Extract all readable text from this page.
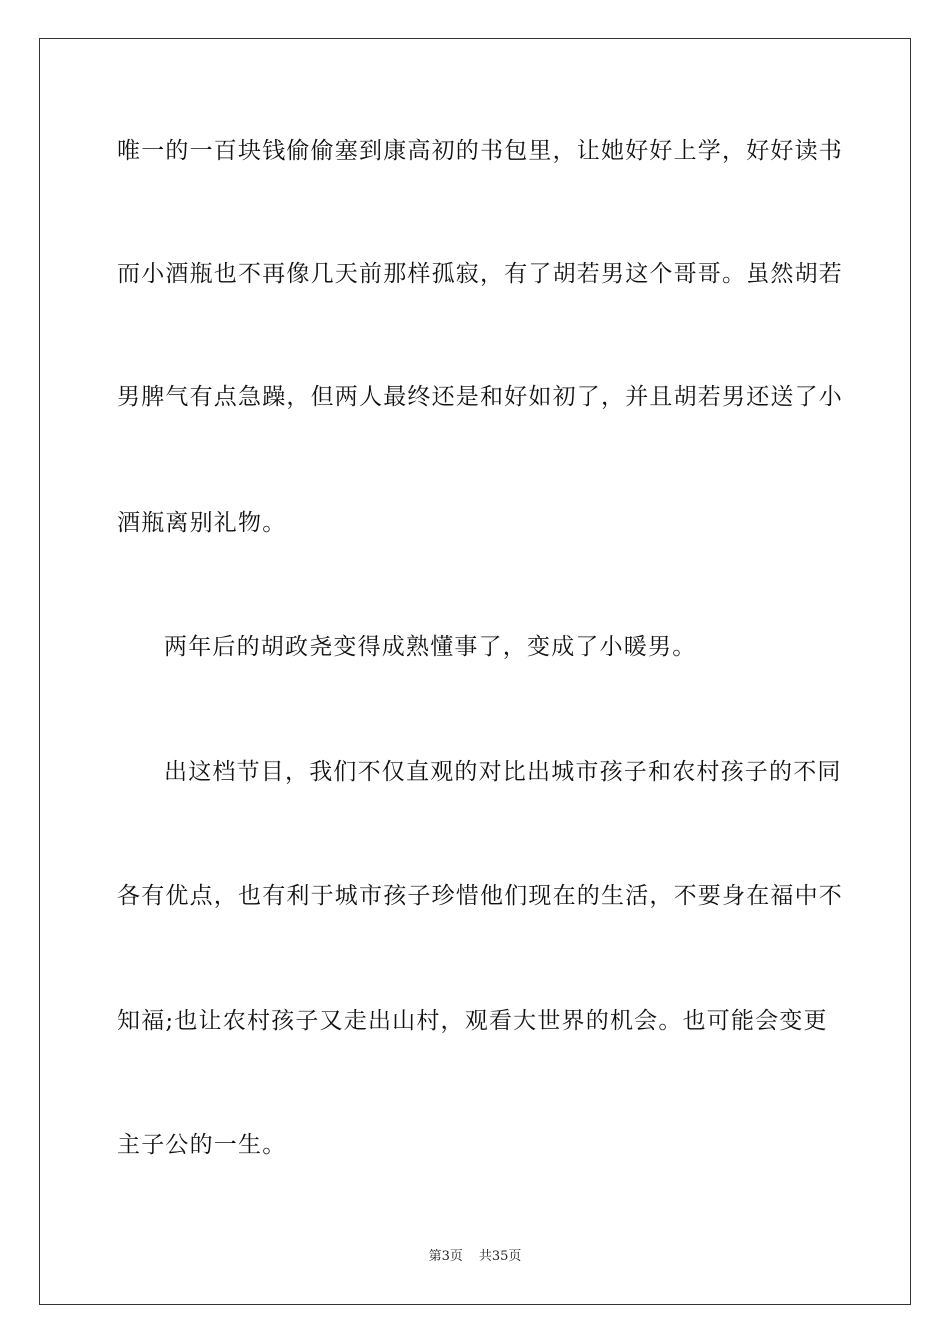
唯一的一百块钱偷偷塞到康高初的书包里，让她好好上学，好好读书
而小酒瓶也不再像几天前那样孤寂，有了胡若男这个哥哥。虽然胡若
男脾气有点急躁，但两人最终还是和好如初了，并且胡若男还送了小
酒瓶离别礼物。
两年后的胡政尧变得成熟懂事了，变成了小暖男。
出这档节目，我们不仅直观的对比出城市孩子和农村孩子的不同
各有优点，也有利于城市孩子珍惜他们现在的生活，不要身在福中不
知福;也让农村孩子又走出山村，观看大世界的机会。也可能会变更
主子公的一生。
第3页 共35页
